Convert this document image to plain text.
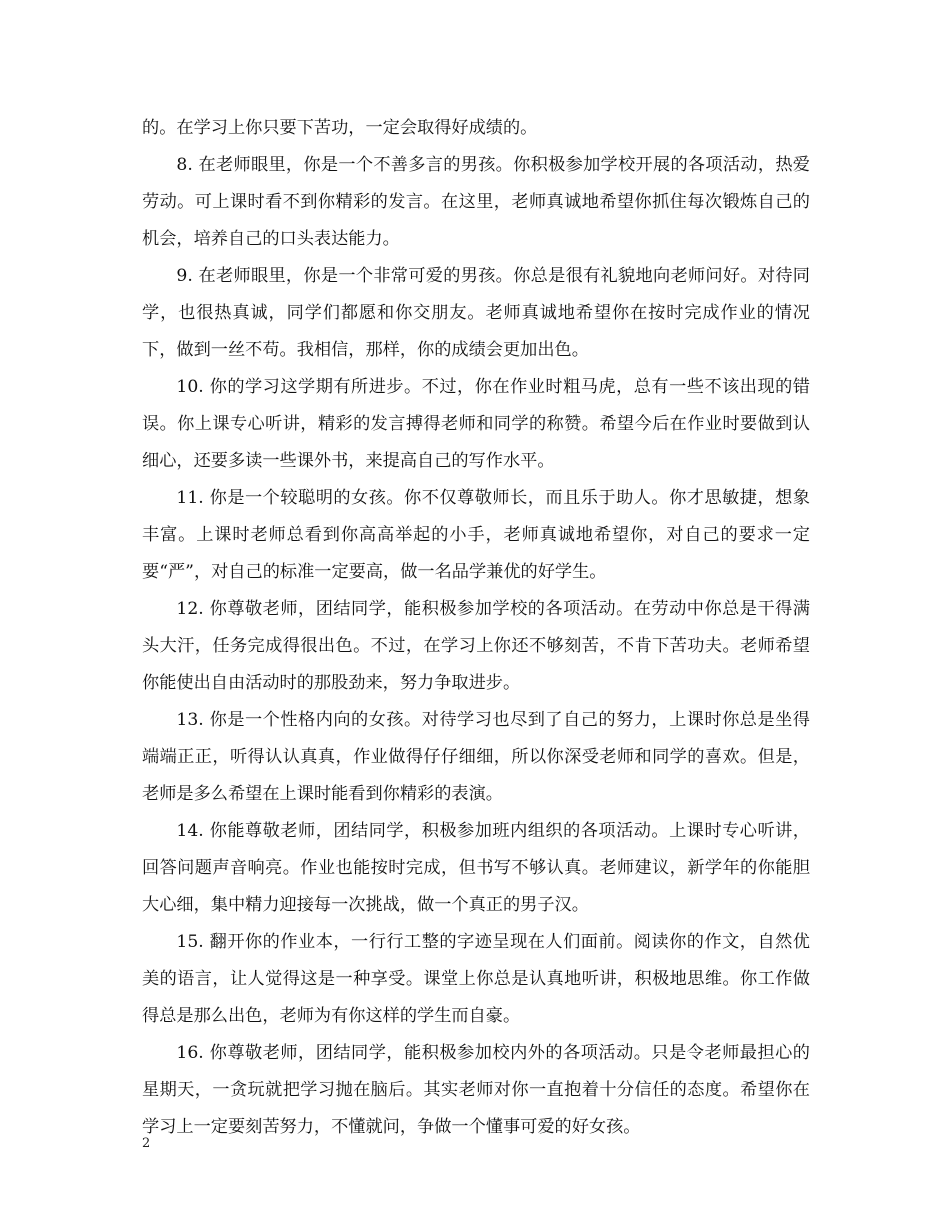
的。在学习上你只要下苦功，一定会取得好成绩的。

8. 在老师眼里，你是一个不善多言的男孩。你积极参加学校开展的各项活动，热爱劳动。可上课时看不到你精彩的发言。在这里，老师真诚地希望你抓住每次锻炼自己的机会，培养自己的口头表达能力。

9. 在老师眼里，你是一个非常可爱的男孩。你总是很有礼貌地向老师问好。对待同学，也很热真诚，同学们都愿和你交朋友。老师真诚地希望你在按时完成作业的情况下，做到一丝不苟。我相信，那样，你的成绩会更加出色。

10. 你的学习这学期有所进步。不过，你在作业时粗马虎，总有一些不该出现的错误。你上课专心听讲，精彩的发言搏得老师和同学的称赞。希望今后在作业时要做到认细心，还要多读一些课外书，来提高自己的写作水平。

11. 你是一个较聪明的女孩。你不仅尊敬师长，而且乐于助人。你才思敏捷，想象丰富。上课时老师总看到你高高举起的小手，老师真诚地希望你，对自己的要求一定要“严”，对自己的标准一定要高，做一名品学兼优的好学生。

12. 你尊敬老师，团结同学，能积极参加学校的各项活动。在劳动中你总是干得满头大汗，任务完成得很出色。不过，在学习上你还不够刻苦，不肯下苦功夫。老师希望你能使出自由活动时的那股劲来，努力争取进步。

13. 你是一个性格内向的女孩。对待学习也尽到了自己的努力，上课时你总是坐得端端正正，听得认认真真，作业做得仔仔细细，所以你深受老师和同学的喜欢。但是，老师是多么希望在上课时能看到你精彩的表演。

14. 你能尊敬老师，团结同学，积极参加班内组织的各项活动。上课时专心听讲，回答问题声音响亮。作业也能按时完成，但书写不够认真。老师建议，新学年的你能胆大心细，集中精力迎接每一次挑战，做一个真正的男子汉。

15. 翻开你的作业本，一行行工整的字迹呈现在人们面前。阅读你的作文，自然优美的语言，让人觉得这是一种享受。课堂上你总是认真地听讲，积极地思维。你工作做得总是那么出色，老师为有你这样的学生而自豪。

16. 你尊敬老师，团结同学，能积极参加校内外的各项活动。只是令老师最担心的星期天，一贪玩就把学习抛在脑后。其实老师对你一直抱着十分信任的态度。希望你在学习上一定要刻苦努力，不懂就问，争做一个懂事可爱的好女孩。

2
